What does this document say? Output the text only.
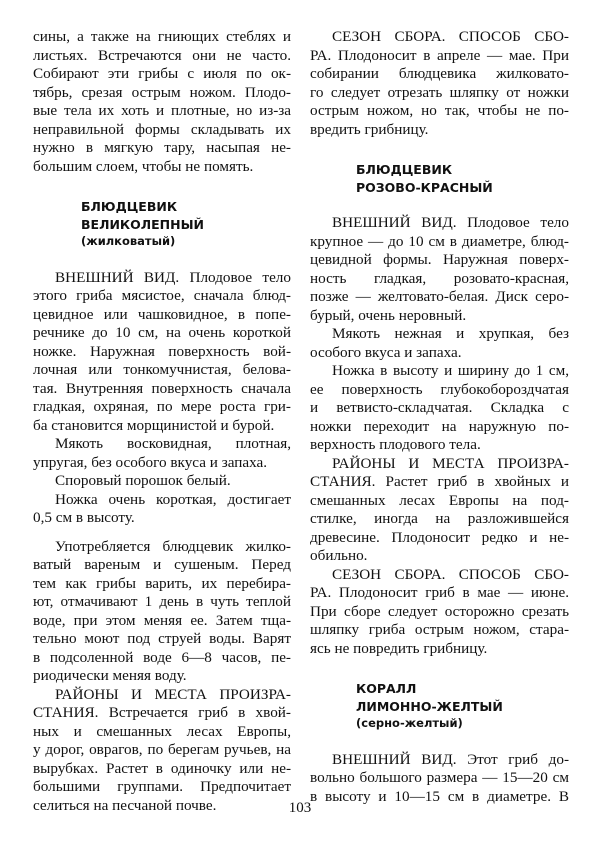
сины, а также на гниющих стеблях и
листьях. Встречаются они не часто.
Собирают эти грибы с июля по ок-
тябрь, срезая острым ножом. Плодо-
вые тела их хоть и плотные, но из-за
неправильной формы складывать их
нужно в мягкую тару, насыпая не-
большим слоем, чтобы не помять.
БЛЮДЦЕВИК
ВЕЛИКОЛЕПНЫЙ
(жилковатый)
ВНЕШНИЙ ВИД. Плодовое тело
этого гриба мясистое, сначала блюд-
цевидное или чашковидное, в попе-
речнике до 10 см, на очень короткой
ножке. Наружная поверхность вой-
лочная или тонкомучнистая, белова-
тая. Внутренняя поверхность сначала
гладкая, охряная, по мере роста гри-
ба становится морщинистой и бурой.
Мякоть восковидная, плотная,
упругая, без особого вкуса и запаха.
Споровый порошок белый.
Ножка очень короткая, достигает
0,5 см в высоту.
Употребляется блюдцевик жилко-
ватый вареным и сушеным. Перед
тем как грибы варить, их перебира-
ют, отмачивают 1 день в чуть теплой
воде, при этом меняя ее. Затем тща-
тельно моют под струей воды. Варят
в подсоленной воде 6—8 часов, пе-
риодически меняя воду.
РАЙОНЫ И МЕСТА ПРОИЗРА-
СТАНИЯ. Встречается гриб в хвой-
ных и смешанных лесах Европы,
у дорог, оврагов, по берегам ручьев, на
вырубках. Растет в одиночку или не-
большими группами. Предпочитает
селиться на песчаной почве.
СЕЗОН СБОРА. СПОСОБ СБО-
РА. Плодоносит в апреле — мае. При
собирании блюдцевика жилковато-
го следует отрезать шляпку от ножки
острым ножом, но так, чтобы не по-
вредить грибницу.
БЛЮДЦЕВИК
РОЗОВО-КРАСНЫЙ
ВНЕШНИЙ ВИД. Плодовое тело
крупное — до 10 см в диаметре, блюд-
цевидной формы. Наружная поверх-
ность гладкая, розовато-красная,
позже — желтовато-белая. Диск серо-
бурый, очень неровный.
Мякоть нежная и хрупкая, без
особого вкуса и запаха.
Ножка в высоту и ширину до 1 см,
ее поверхность глубокобороздчатая
и ветвисто-складчатая. Складка с
ножки переходит на наружную по-
верхность плодового тела.
РАЙОНЫ И МЕСТА ПРОИЗРА-
СТАНИЯ. Растет гриб в хвойных и
смешанных лесах Европы на под-
стилке, иногда на разложившейся
древесине. Плодоносит редко и не-
обильно.
СЕЗОН СБОРА. СПОСОБ СБО-
РА. Плодоносит гриб в мае — июне.
При сборе следует осторожно срезать
шляпку гриба острым ножом, стара-
ясь не повредить грибницу.
КОРАЛЛ
ЛИМОННО-ЖЕЛТЫЙ
(серно-желтый)
ВНЕШНИЙ ВИД. Этот гриб до-
вольно большого размера — 15—20 см
в высоту и 10—15 см в диаметре. В
103
